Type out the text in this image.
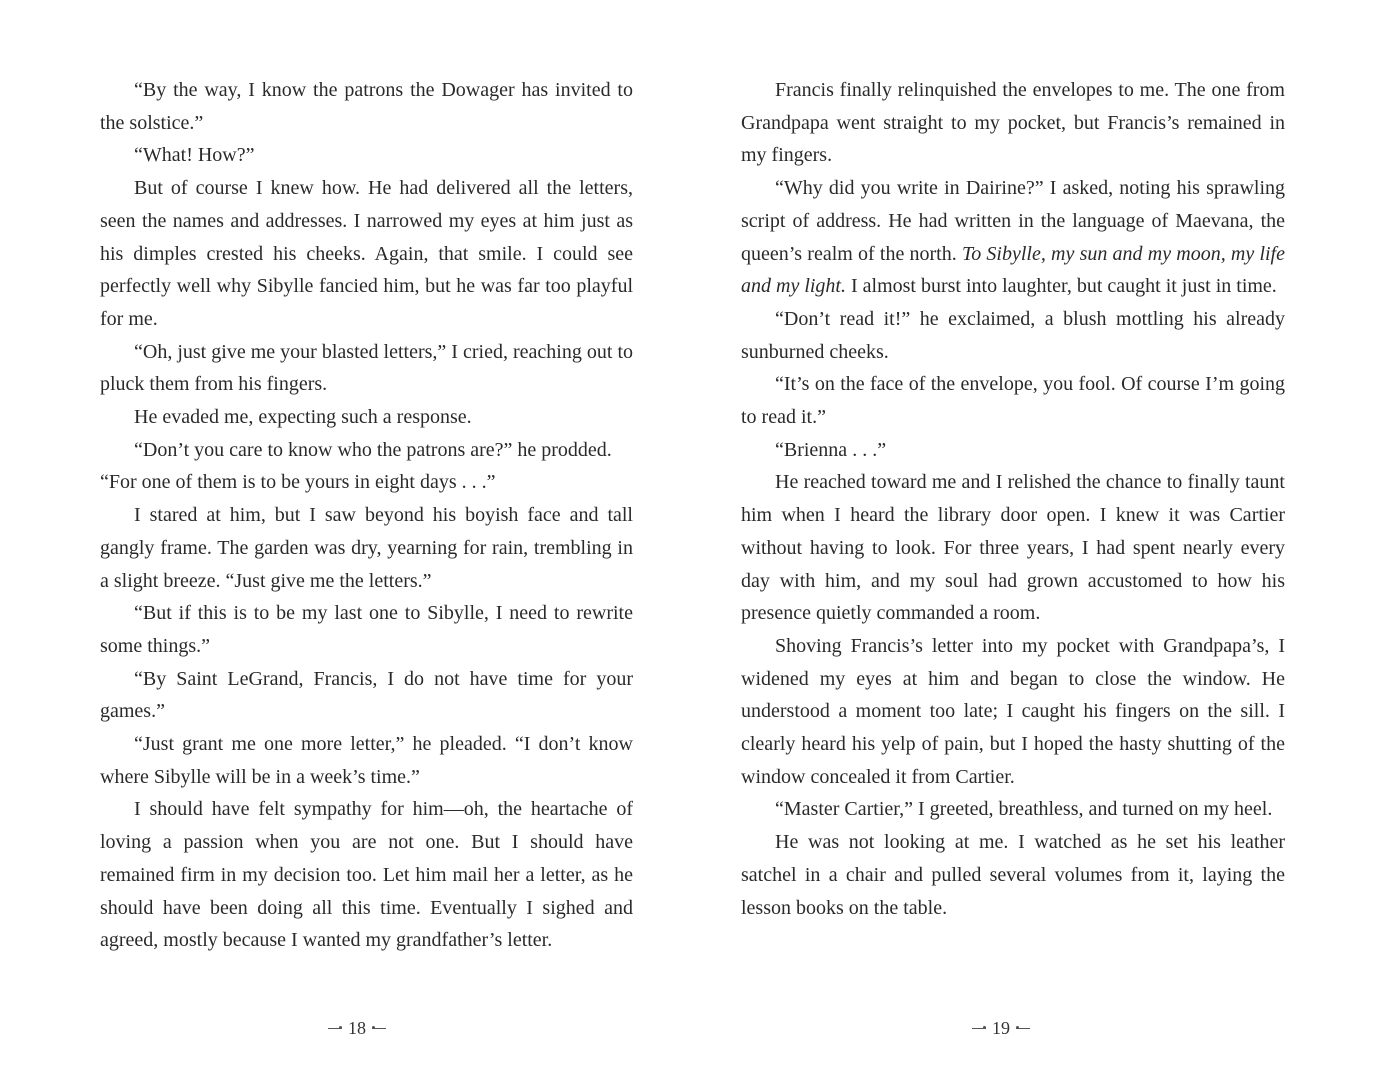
“By the way, I know the patrons the Dowager has invited to the solstice.”

“What! How?”

But of course I knew how. He had delivered all the letters, seen the names and addresses. I narrowed my eyes at him just as his dimples crested his cheeks. Again, that smile. I could see perfectly well why Sibylle fancied him, but he was far too playful for me.

“Oh, just give me your blasted letters,” I cried, reaching out to pluck them from his fingers.

He evaded me, expecting such a response.

“Don’t you care to know who the patrons are?” he prodded.

“For one of them is to be yours in eight days . . .”

I stared at him, but I saw beyond his boyish face and tall gangly frame. The garden was dry, yearning for rain, trembling in a slight breeze. “Just give me the letters.”

“But if this is to be my last one to Sibylle, I need to rewrite some things.”

“By Saint LeGrand, Francis, I do not have time for your games.”

“Just grant me one more letter,” he pleaded. “I don’t know where Sibylle will be in a week’s time.”

I should have felt sympathy for him—oh, the heartache of loving a passion when you are not one. But I should have remained firm in my decision too. Let him mail her a letter, as he should have been doing all this time. Eventually I sighed and agreed, mostly because I wanted my grandfather’s letter.

18

Francis finally relinquished the envelopes to me. The one from Grandpapa went straight to my pocket, but Francis’s remained in my fingers.

“Why did you write in Dairine?” I asked, noting his sprawling script of address. He had written in the language of Maevana, the queen’s realm of the north. To Sibylle, my sun and my moon, my life and my light. I almost burst into laughter, but caught it just in time.

“Don’t read it!” he exclaimed, a blush mottling his already sunburned cheeks.

“It’s on the face of the envelope, you fool. Of course I’m going to read it.”

“Brienna . . .”

He reached toward me and I relished the chance to finally taunt him when I heard the library door open. I knew it was Cartier without having to look. For three years, I had spent nearly every day with him, and my soul had grown accustomed to how his presence quietly commanded a room.

Shoving Francis’s letter into my pocket with Grandpapa’s, I widened my eyes at him and began to close the window. He understood a moment too late; I caught his fingers on the sill. I clearly heard his yelp of pain, but I hoped the hasty shutting of the window concealed it from Cartier.

“Master Cartier,” I greeted, breathless, and turned on my heel.

He was not looking at me. I watched as he set his leather satchel in a chair and pulled several volumes from it, laying the lesson books on the table.

19
